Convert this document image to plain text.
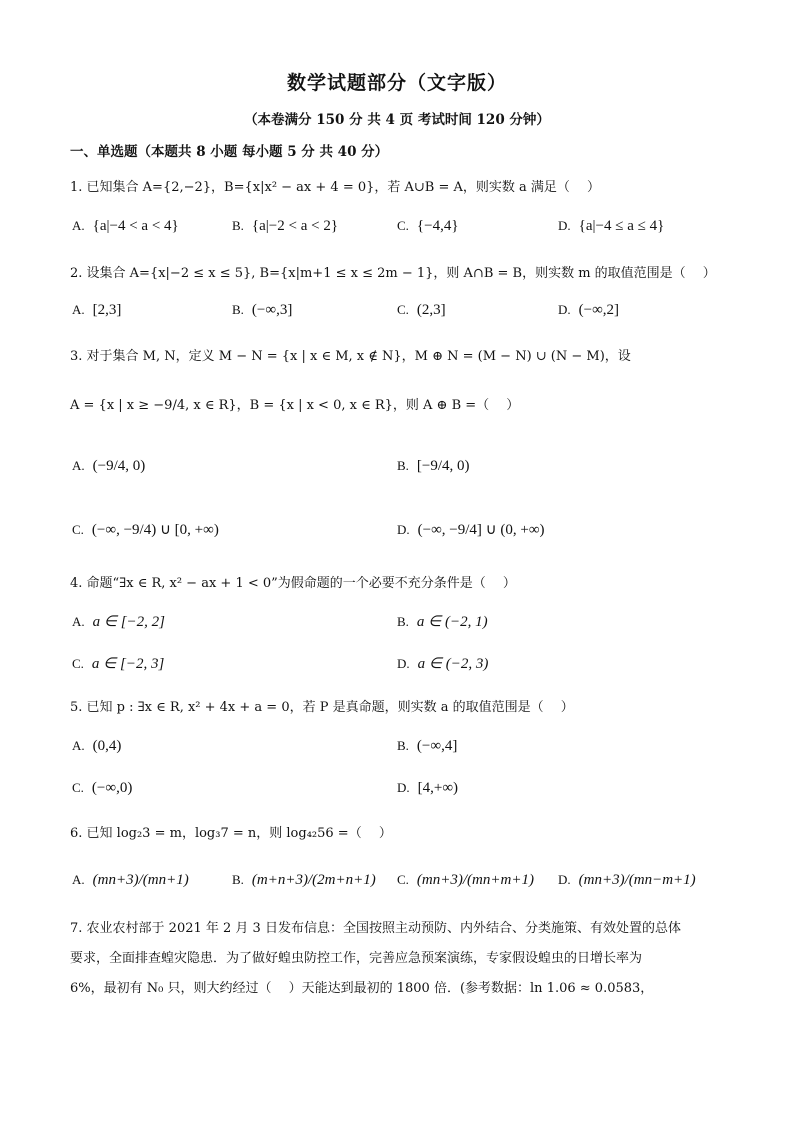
数学试题部分（文字版）
（本卷满分 150 分 共 4 页 考试时间 120 分钟）
一、单选题（本题共 8 小题 每小题 5 分 共 40 分）
1. 已知集合 A={2,−2}，B={x|x² − ax + 4 = 0}，若 A∪B = A，则实数 a 满足（　 ）
A. {a|−4 < a < 4}	B. {a|−2 < a < 2}	C. {−4,4}	D. {a|−4 ≤ a ≤ 4}
2. 设集合 A={x|−2 ≤ x ≤ 5}, B={x|m+1 ≤ x ≤ 2m − 1}，则 A∩B = B，则实数 m 的取值范围是（　 ）
A. [2,3]	B. (−∞,3]	C. (2,3]	D. (−∞,2]
3. 对于集合 M, N，定义 M − N = {x | x ∈ M, x ∉ N}，M ⊕ N = (M − N) ∪ (N − M)，设
A = {x | x ≥ −9/4, x ∈ R}，B = {x | x < 0, x ∈ R}，则 A ⊕ B =（　 ）
A. (−9/4, 0)	B. [−9/4, 0)
C. (−∞, −9/4) ∪ [0, +∞)	D. (−∞, −9/4] ∪ (0, +∞)
4. 命题“∃x ∈ R, x² − ax + 1 < 0”为假命题的一个必要不充分条件是（　 ）
A. a ∈ [−2, 2]	B. a ∈ (−2, 1)
C. a ∈ [−2, 3]	D. a ∈ (−2, 3)
5. 已知 p : ∃x ∈ R, x² + 4x + a = 0，若 P 是真命题，则实数 a 的取值范围是（　 ）
A. (0,4)	B. (−∞,4]
C. (−∞,0)	D. [4,+∞)
6. 已知 log₂3 = m，log₃7 = n，则 log₄₂56 =（　 ）
A. (mn+3)/(mn+1)	B. (m+n+3)/(2m+n+1) C. (mn+3)/(mn+m+1) D. (mn+3)/(mn−m+1)
7. 农业农村部于 2021 年 2 月 3 日发布信息：全国按照主动预防、内外结合、分类施策、有效处置的总体
要求，全面排查蝗灾隐患．为了做好蝗虫防控工作，完善应急预案演练，专家假设蝗虫的日增长率为
6%，最初有 N₀ 只，则大约经过（　 ）天能达到最初的 1800 倍．(参考数据：ln 1.06 ≈ 0.0583，
